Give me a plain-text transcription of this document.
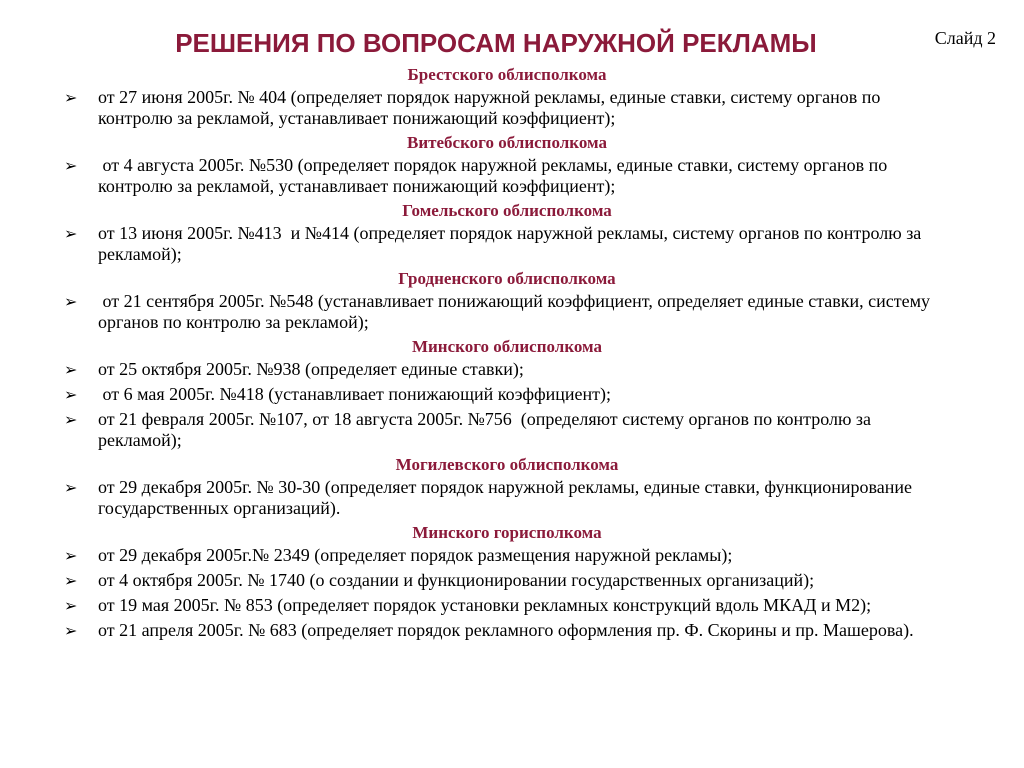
Слайд 2
РЕШЕНИЯ ПО ВОПРОСАМ НАРУЖНОЙ РЕКЛАМЫ
Брестского облисполкома
➢ от 27 июня 2005г. № 404 (определяет порядок наружной рекламы, единые ставки, систему органов по контролю за рекламой, устанавливает понижающий коэффициент);
Витебского облисполкома
➢ от 4 августа 2005г. №530 (определяет порядок наружной рекламы, единые ставки, систему органов по контролю за рекламой, устанавливает понижающий коэффициент);
Гомельского облисполкома
➢ от 13 июня 2005г. №413  и №414 (определяет порядок наружной рекламы, систему органов по контролю за рекламой);
Гродненского облисполкома
➢ от 21 сентября 2005г. №548 (устанавливает понижающий коэффициент, определяет единые ставки, систему органов по контролю за рекламой);
Минского облисполкома
➢ от 25 октября 2005г. №938 (определяет единые ставки);
➢ от 6 мая 2005г. №418 (устанавливает понижающий коэффициент);
➢ от 21 февраля 2005г. №107, от 18 августа 2005г. №756  (определяют систему органов по контролю за рекламой);
Могилевского облисполкома
➢ от 29 декабря 2005г. № 30-30 (определяет порядок наружной рекламы, единые ставки, функционирование государственных организаций).
Минского горисполкома
➢ от 29 декабря 2005г.№ 2349 (определяет порядок размещения наружной рекламы);
➢ от 4 октября 2005г. № 1740 (о создании и функционировании государственных организаций);
➢ от 19 мая 2005г. № 853 (определяет порядок установки рекламных конструкций вдоль МКАД и М2);
➢ от 21 апреля 2005г. № 683 (определяет порядок рекламного оформления пр. Ф. Скорины и пр. Машерова).
